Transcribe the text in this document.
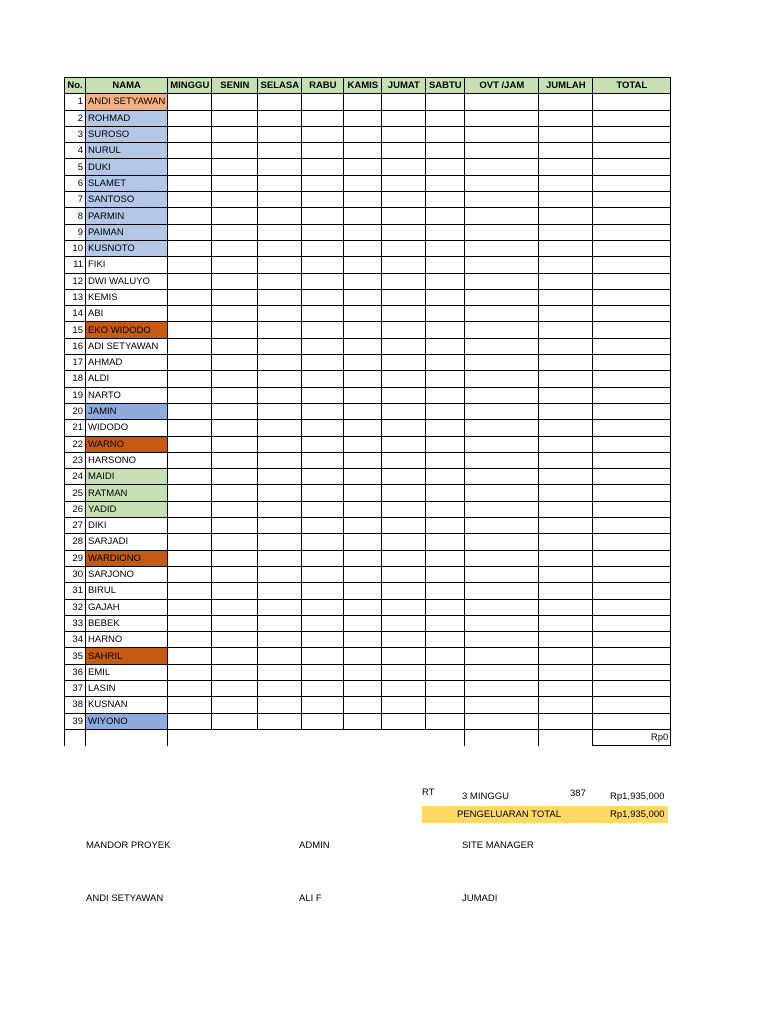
No.	NAMA	MINGGU	SENIN	SELASA	RABU	KAMIS	JUMAT	SABTU	OVT /JAM	JUMLAH	TOTAL
1	ANDI SETYAWAN										
2	ROHMAD										
3	SUROSO										
4	NURUL										
5	DUKI										
6	SLAMET										
7	SANTOSO										
8	PARMIN										
9	PAIMAN										
10	KUSNOTO										
11	FIKI										
12	DWI WALUYO										
13	KEMIS										
14	ABI										
15	EKO WIDODO										
16	ADI SETYAWAN										
17	AHMAD										
18	ALDI										
19	NARTO										
20	JAMIN										
21	WIDODO										
22	WARNO										
23	HARSONO										
24	MAIDI										
25	RATMAN										
26	YADID										
27	DIKI										
28	SARJADI										
29	WARDIONO										
30	SARJONO										
31	BIRUL										
32	GAJAH										
33	BEBEK										
34	HARNO										
35	SAHRIL										
36	EMIL										
37	LASIN										
38	KUSNAN										
39	WIYONO										
											Rp0
RT	3 MINGGU	387	Rp1,935,000
PENGELUARAN TOTAL	Rp1,935,000
MANDOR PROYEK	ADMIN	SITE MANAGER
ANDI SETYAWAN	ALI F	JUMADI
